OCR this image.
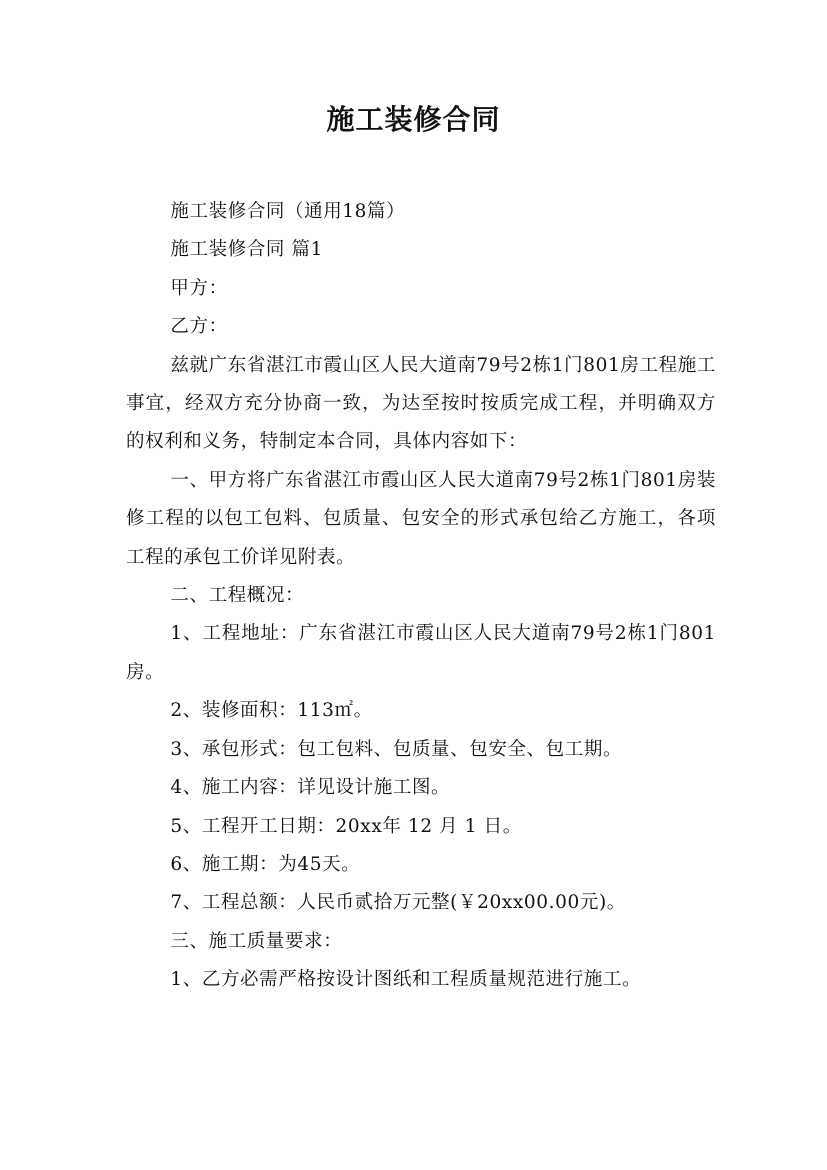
施工装修合同

施工装修合同（通用18篇）

施工装修合同 篇1

甲方：

乙方：

兹就广东省湛江市霞山区人民大道南79号2栋1门801房工程施工事宜，经双方充分协商一致，为达至按时按质完成工程，并明确双方的权利和义务，特制定本合同，具体内容如下：

一、甲方将广东省湛江市霞山区人民大道南79号2栋1门801房装修工程的以包工包料、包质量、包安全的形式承包给乙方施工，各项工程的承包工价详见附表。

二、工程概况：

1、工程地址：广东省湛江市霞山区人民大道南79号2栋1门801房。

2、装修面积：113㎡。

3、承包形式：包工包料、包质量、包安全、包工期。

4、施工内容：详见设计施工图。

5、工程开工日期：20xx年 12 月 1 日。

6、施工期：为45天。

7、工程总额：人民币贰拾万元整(￥20xx00.00元)。

三、施工质量要求：

1、乙方必需严格按设计图纸和工程质量规范进行施工。
